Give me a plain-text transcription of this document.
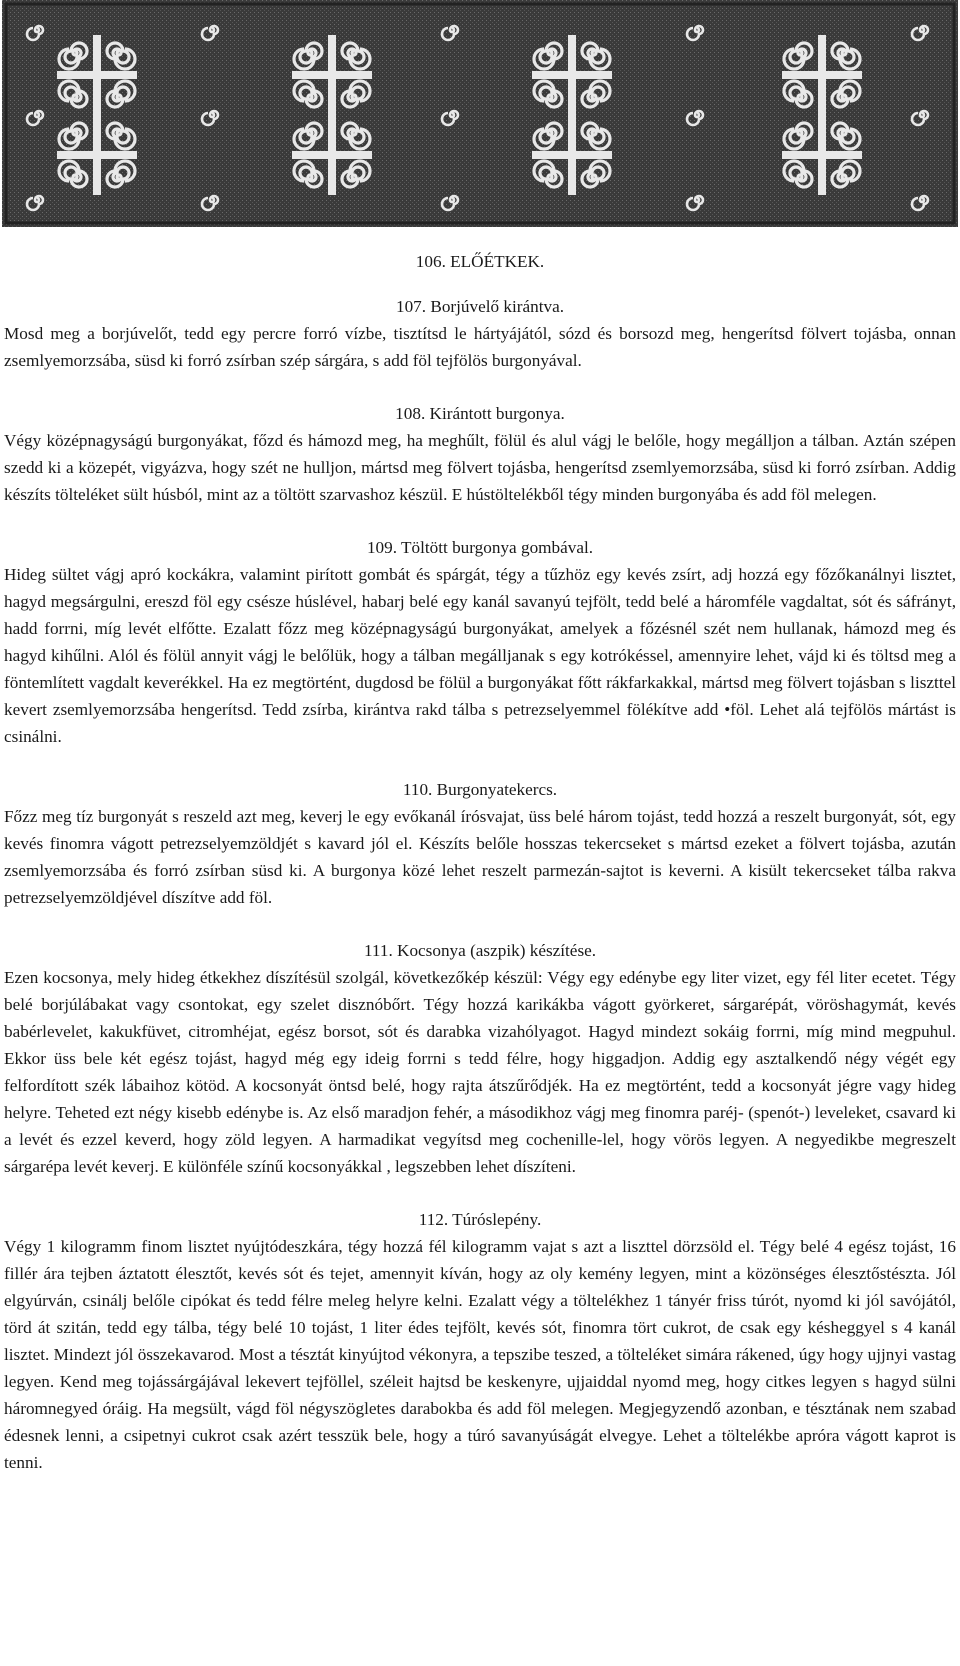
106. ELŐÉTKEK.

107. Borjúvelő kirántva.

Mosd meg a borjúvelőt, tedd egy percre forró vízbe, tisztítsd le hártyájától, sózd és borsozd meg, hengerítsd fölvert tojásba, onnan zsemlyemorzsába, süsd ki forró zsírban szép sárgára, s add föl tejfölös burgonyával.

108. Kirántott burgonya.

Végy középnagyságú burgonyákat, főzd és hámozd meg, ha meghűlt, fölül és alul vágj le belőle, hogy megálljon a tálban. Aztán szépen szedd ki a közepét, vigyázva, hogy szét ne hulljon, mártsd meg fölvert tojásba, hengerítsd zsemlyemorzsába, süsd ki forró zsírban. Addig készíts tölteléket sült húsból, mint az a töltött szarvashoz készül. E hústöltelékből tégy minden burgonyába és add föl melegen.

109. Töltött burgonya gombával.

Hideg sültet vágj apró kockákra, valamint pirított gombát és spárgát, tégy a tűzhöz egy kevés zsírt, adj hozzá egy főzőkanálnyi lisztet, hagyd megsárgulni, ereszd föl egy csésze húslével, habarj belé egy kanál savanyú tejfölt, tedd belé a háromféle vagdaltat, sót és sáfrányt, hadd forrni, míg levét elfőtte. Ezalatt főzz meg középnagyságú burgonyákat, amelyek a főzésnél szét nem hullanak, hámozd meg és hagyd kihűlni. Alól és fölül annyit vágj le belőlük, hogy a tálban megálljanak s egy kotrókéssel, amennyire lehet, vájd ki és töltsd meg a föntemlített vagdalt keverékkel. Ha ez megtörtént, dugdosd be fölül a burgonyákat főtt rákfarkakkal, mártsd meg fölvert tojásban s liszttel kevert zsemlyemorzsába hengerítsd. Tedd zsírba, kirántva rakd tálba s petrezselyemmel fölékítve add •föl. Lehet alá tejfölös mártást is csinálni.

110. Burgonyatekercs.

Főzz meg tíz burgonyát s reszeld azt meg, keverj le egy evőkanál írósvajat, üss belé három tojást, tedd hozzá a reszelt burgonyát, sót, egy kevés finomra vágott petrezselyemzöldjét s kavard jól el. Készíts belőle hosszas tekercseket s mártsd ezeket a fölvert tojásba, azután zsemlyemorzsába és forró zsírban süsd ki. A burgonya közé lehet reszelt parmezán-sajtot is keverni. A kisült tekercseket tálba rakva petrezselyemzöldjével díszítve add föl.

111. Kocsonya (aszpik) készítése.

Ezen kocsonya, mely hideg étkekhez díszítésül szolgál, következőkép készül: Végy egy edénybe egy liter vizet, egy fél liter ecetet. Tégy belé borjúlábakat vagy csontokat, egy szelet disznóbőrt. Tégy hozzá karikákba vágott györkeret, sárgarépát, vöröshagymát, kevés babérlevelet, kakukfüvet, citromhéjat, egész borsot, sót és darabka vizahólyagot. Hagyd mindezt sokáig forrni, míg mind megpuhul. Ekkor üss bele két egész tojást, hagyd még egy ideig forrni s tedd félre, hogy higgadjon. Addig egy asztalkendő négy végét egy felfordított szék lábaihoz kötöd. A kocsonyát öntsd belé, hogy rajta átszűrődjék. Ha ez megtörtént, tedd a kocsonyát jégre vagy hideg helyre. Teheted ezt négy kisebb edénybe is. Az első maradjon fehér, a másodikhoz vágj meg finomra paréj- (spenót-) leveleket, csavard ki a levét és ezzel keverd, hogy zöld legyen. A harmadikat vegyítsd meg cochenille-lel, hogy vörös legyen. A negyedikbe megreszelt sárgarépa levét keverj. E különféle színű kocsonyákkal , legszebben lehet díszíteni.

112. Túróslepény.

Végy 1 kilogramm finom lisztet nyújtódeszkára, tégy hozzá fél kilogramm vajat s azt a liszttel dörzsöld el. Tégy belé 4 egész tojást, 16 fillér ára tejben áztatott élesztőt, kevés sót és tejet, amennyit kíván, hogy az oly kemény legyen, mint a közönséges élesztőstészta. Jól elgyúrván, csinálj belőle cipókat és tedd félre meleg helyre kelni. Ezalatt végy a töltelékhez 1 tányér friss túrót, nyomd ki jól savójától, törd át szitán, tedd egy tálba, tégy belé 10 tojást, 1 liter édes tejfölt, kevés sót, finomra tört cukrot, de csak egy késheggyel s 4 kanál lisztet. Mindezt jól összekavarod. Most a tésztát kinyújtod vékonyra, a tepszibe teszed, a tölteléket simára rákened, úgy hogy ujjnyi vastag legyen. Kend meg tojássárgájával lekevert tejföllel, széleit hajtsd be keskenyre, ujjaiddal nyomd meg, hogy citkes legyen s hagyd sülni háromnegyed óráig. Ha megsült, vágd föl négyszögletes darabokba és add föl melegen. Megjegyzendő azonban, e tésztának nem szabad édesnek lenni, a csipetnyi cukrot csak azért tesszük bele, hogy a túró savanyúságát elvegye. Lehet a töltelékbe apróra vágott kaprot is tenni.
